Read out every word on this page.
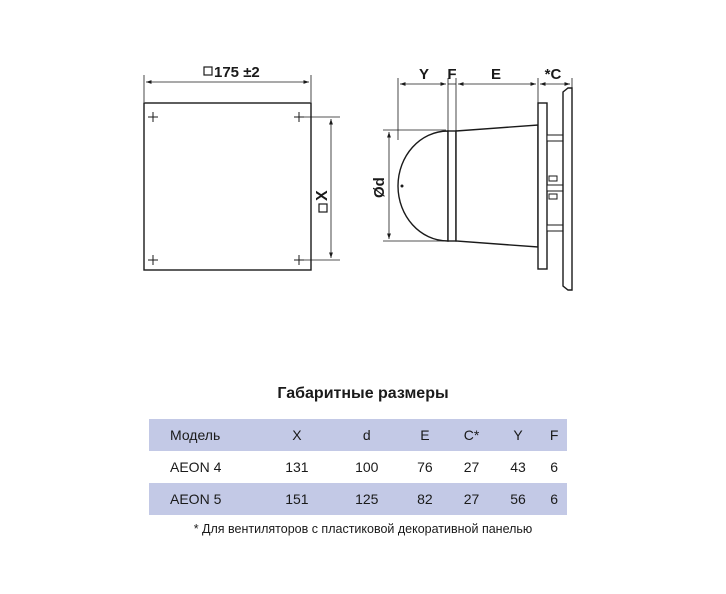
175 ±2
X
Y F E	*C
Ød
Габаритные размеры
Модель	X	d	E	C*	Y	F
AEON 4	131	100	76	27	43	6
AEON 5	151	125	82	27	56	6
* Для вентиляторов с пластиковой декоративной панелью
